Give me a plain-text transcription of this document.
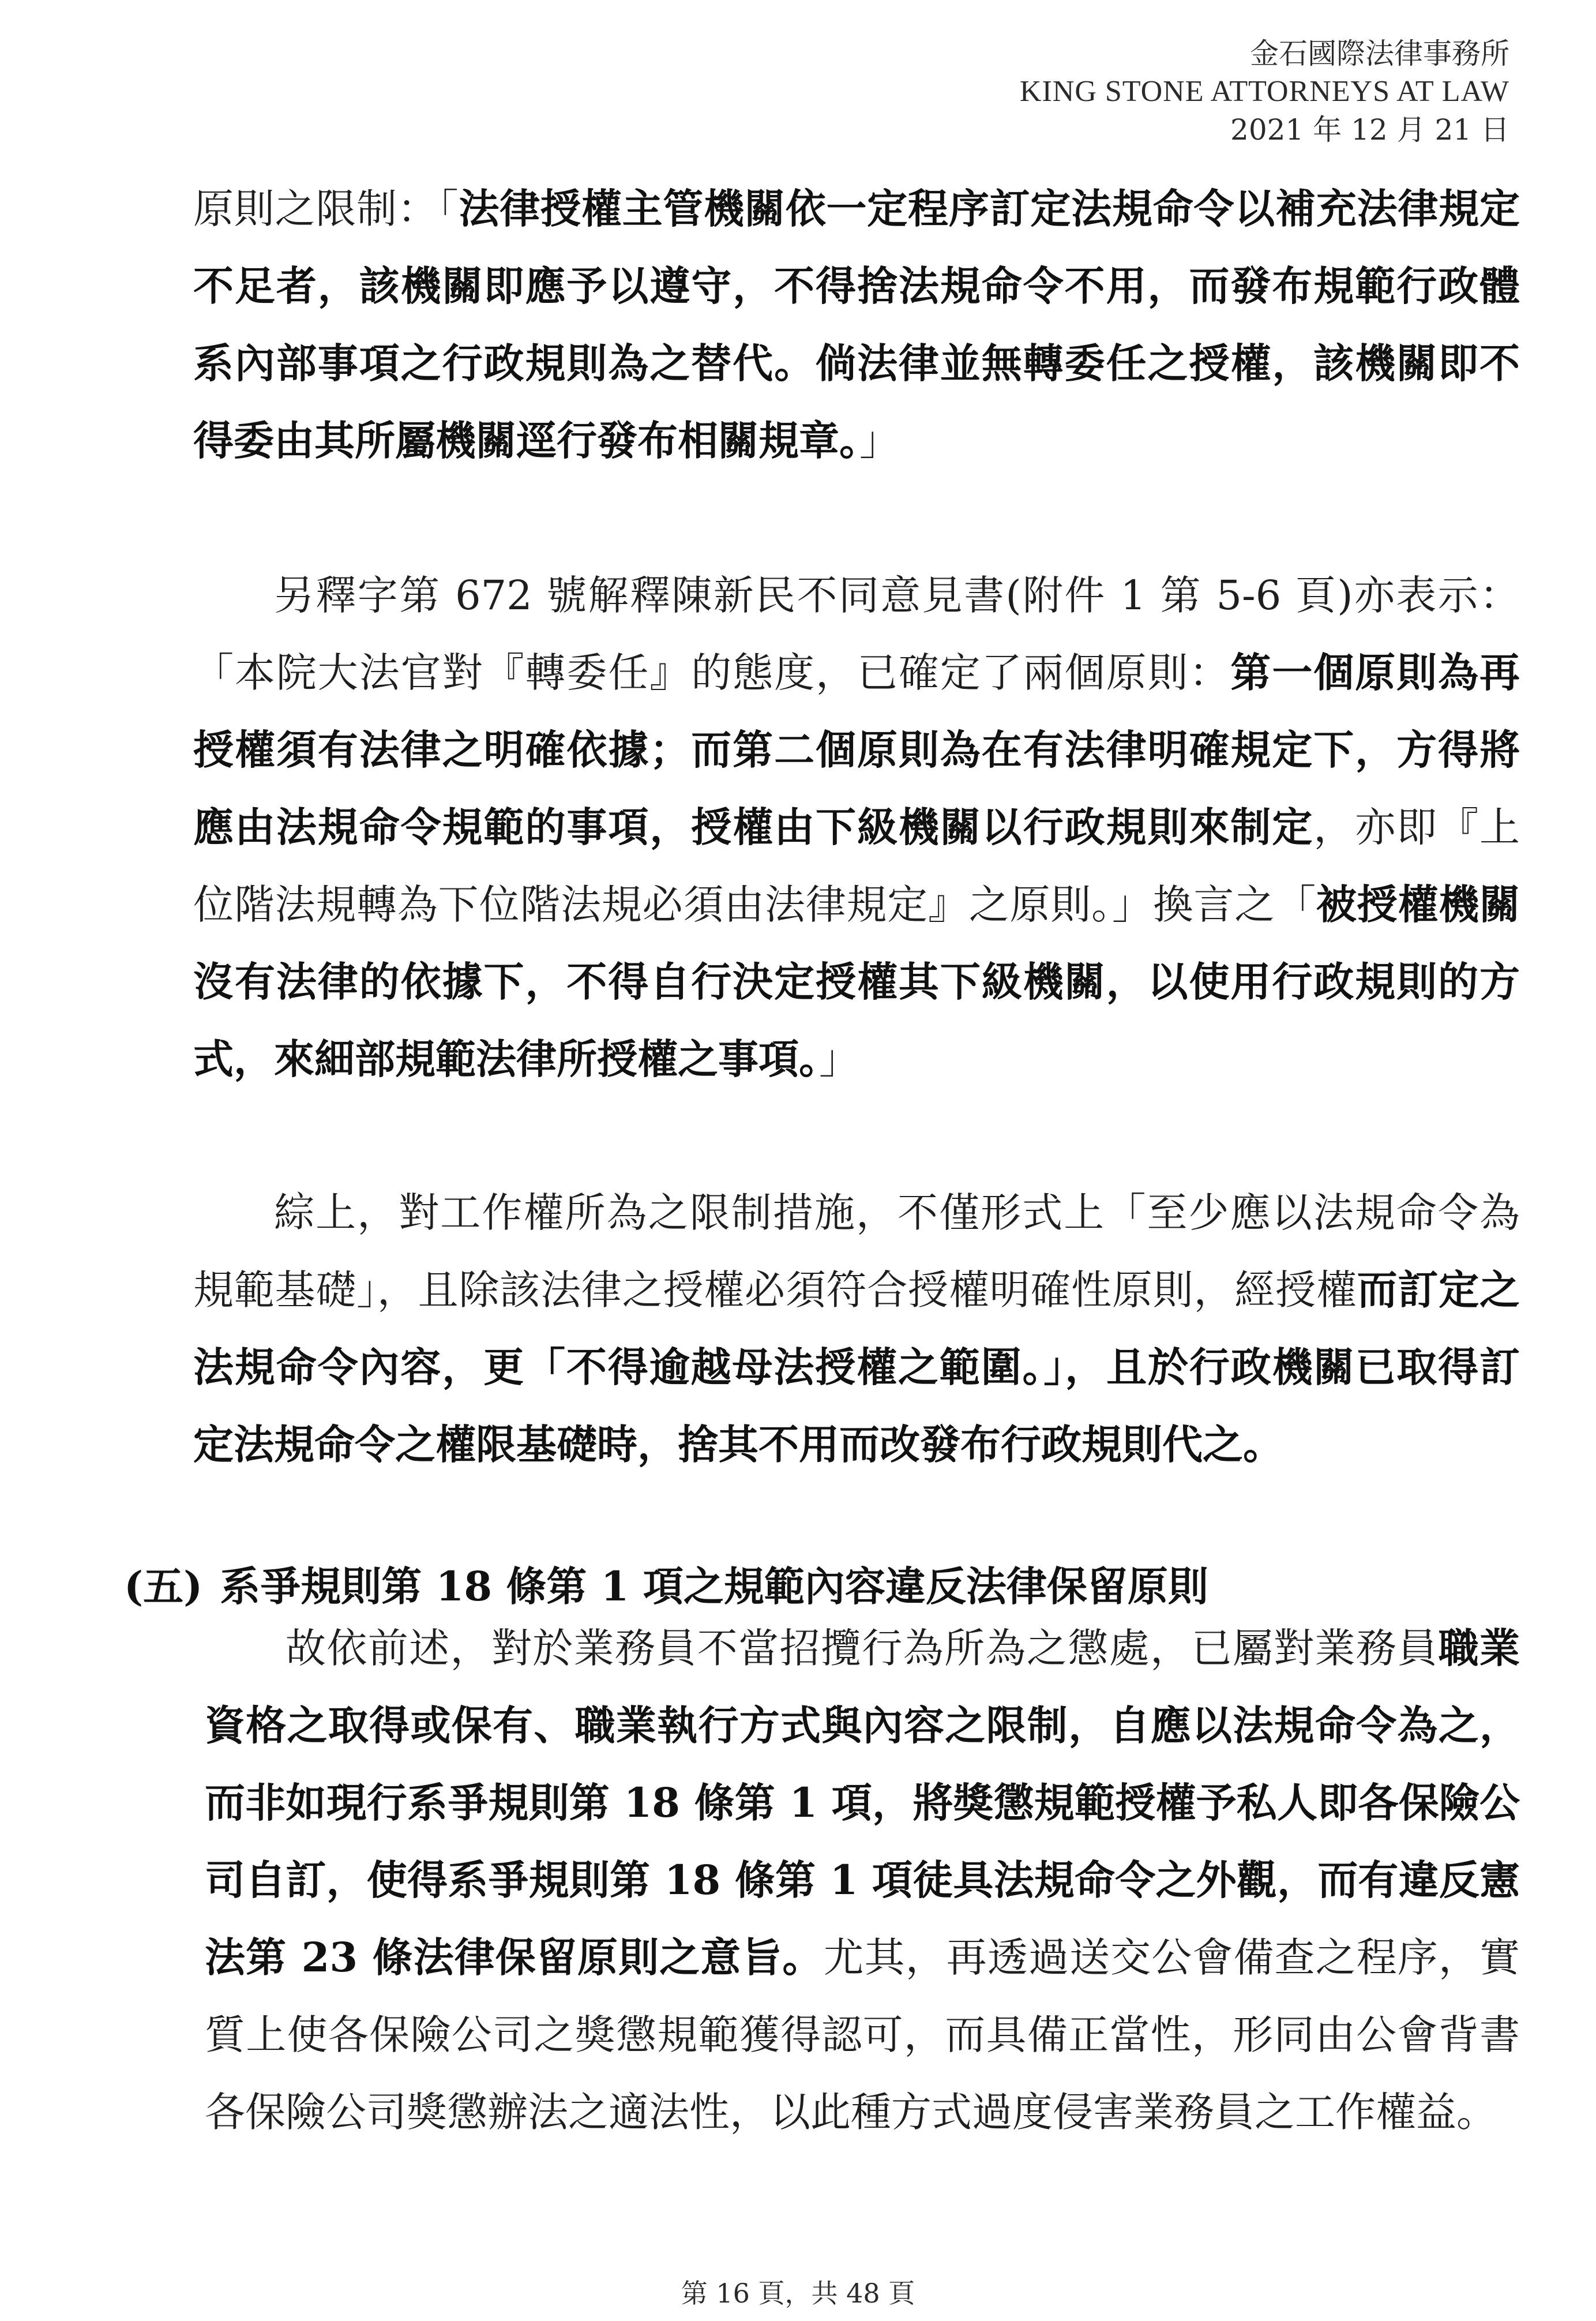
金石國際法律事務所
KING STONE ATTORNEYS AT LAW
2021 年 12 月 21 日

原則之限制：「法律授權主管機關依一定程序訂定法規命令以補充法律規定不足者，該機關即應予以遵守，不得捨法規命令不用，而發布規範行政體系內部事項之行政規則為之替代。倘法律並無轉委任之授權，該機關即不得委由其所屬機關逕行發布相關規章。」

另釋字第 672 號解釋陳新民不同意見書(附件 1 第 5-6 頁)亦表示：「本院大法官對『轉委任』的態度，已確定了兩個原則：第一個原則為再授權須有法律之明確依據；而第二個原則為在有法律明確規定下，方得將應由法規命令規範的事項，授權由下級機關以行政規則來制定，亦即『上位階法規轉為下位階法規必須由法律規定』之原則。」換言之「被授權機關沒有法律的依據下，不得自行決定授權其下級機關，以使用行政規則的方式，來細部規範法律所授權之事項。」

綜上，對工作權所為之限制措施，不僅形式上「至少應以法規命令為規範基礎」，且除該法律之授權必須符合授權明確性原則，經授權而訂定之法規命令內容，更「不得逾越母法授權之範圍。」，且於行政機關已取得訂定法規命令之權限基礎時，捨其不用而改發布行政規則代之。

(五) 系爭規則第 18 條第 1 項之規範內容違反法律保留原則

故依前述，對於業務員不當招攬行為所為之懲處，已屬對業務員職業資格之取得或保有、職業執行方式與內容之限制，自應以法規命令為之，而非如現行系爭規則第 18 條第 1 項，將獎懲規範授權予私人即各保險公司自訂，使得系爭規則第 18 條第 1 項徒具法規命令之外觀，而有違反憲法第 23 條法律保留原則之意旨。尤其，再透過送交公會備查之程序，實質上使各保險公司之獎懲規範獲得認可，而具備正當性，形同由公會背書各保險公司獎懲辦法之適法性，以此種方式過度侵害業務員之工作權益。

第 16 頁，共 48 頁
